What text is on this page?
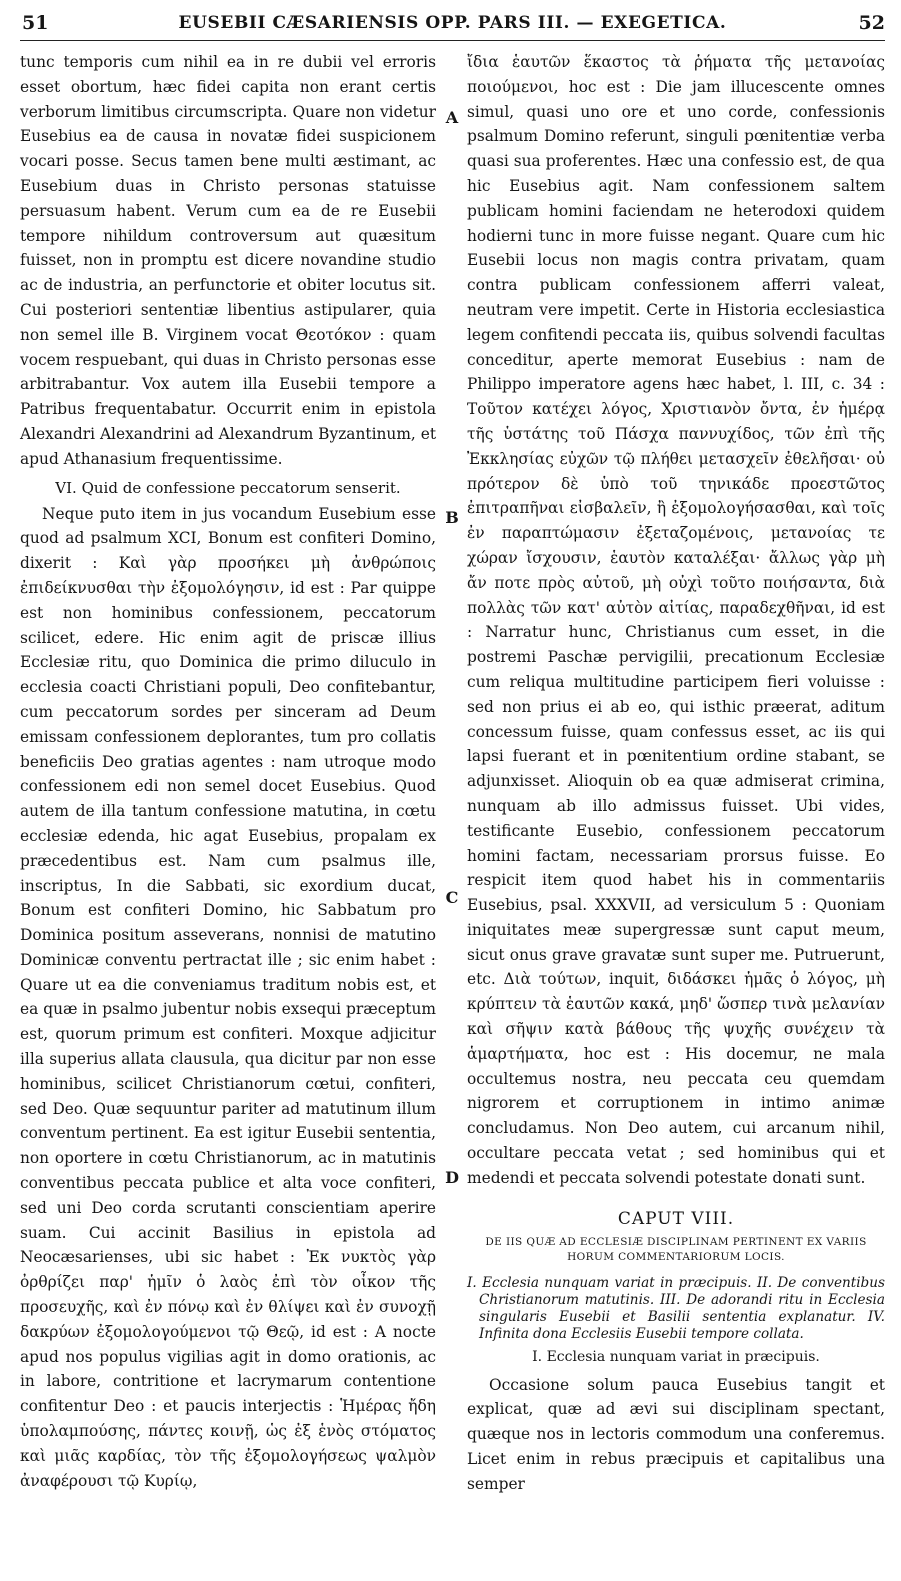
51	EUSEBII CÆSARIENSIS OPP. PARS III. — EXEGETICA.	52

tunc temporis cum nihil ea in re dubii vel erroris esset obortum, hæc fidei capita non erant certis verborum limitibus circumscripta. Quare non videtur Eusebius ea de causa in novatæ fidei suspicionem vocari posse. Secus tamen bene multi æstimant, ac Eusebium duas in Christo personas statuisse persuasum habent. Verum cum ea de re Eusebii tempore nihildum controversum aut quæsitum fuisset, non in promptu est dicere novandine studio ac de industria, an perfunctorie et obiter locutus sit. Cui posteriori sententiæ libentius astipularer, quia non semel ille B. Virginem vocat Θεοτόκον : quam vocem respuebant, qui duas in Christo personas esse arbitrabantur. Vox autem illa Eusebii tempore a Patribus frequentabatur. Occurrit enim in epistola Alexandri Alexandrini ad Alexandrum Byzantinum, et apud Athanasium frequentissime.

VI. Quid de confessione peccatorum senserit.

Neque puto item in jus vocandum Eusebium esse quod ad psalmum XCI, Bonum est confiteri Domino, dixerit : Καὶ γὰρ προσήκει μὴ ἀνθρώποις ἐπιδείκνυσθαι τὴν ἐξομολόγησιν, id est : Par quippe est non hominibus confessionem, peccatorum scilicet, edere. Hic enim agit de priscæ illius Ecclesiæ ritu, quo Dominica die primo diluculo in ecclesia coacti Christiani populi, Deo confitebantur, cum peccatorum sordes per sinceram ad Deum emissam confessionem deplorantes, tum pro collatis beneficiis Deo gratias agentes : nam utroque modo confessionem edi non semel docet Eusebius. Quod autem de illa tantum confessione matutina, in cœtu ecclesiæ edenda, hic agat Eusebius, propalam ex præcedentibus est. Nam cum psalmus ille, inscriptus, In die Sabbati, sic exordium ducat, Bonum est confiteri Domino, hic Sabbatum pro Dominica positum asseverans, nonnisi de matutino Dominicæ conventu pertractat ille ; sic enim habet : Quare ut ea die conveniamus traditum nobis est, et ea quæ in psalmo jubentur nobis exsequi præceptum est, quorum primum est confiteri. Moxque adjicitur illa superius allata clausula, qua dicitur par non esse hominibus, scilicet Christianorum cœtui, confiteri, sed Deo. Quæ sequuntur pariter ad matutinum illum conventum pertinent. Ea est igitur Eusebii sententia, non oportere in cœtu Christianorum, ac in matutinis conventibus peccata publice et alta voce confiteri, sed uni Deo corda scrutanti conscientiam aperire suam. Cui accinit Basilius in epistola ad Neocæsarienses, ubi sic habet : Ἐκ νυκτὸς γὰρ ὀρθρίζει παρ' ἡμῖν ὁ λαὸς ἐπὶ τὸν οἶκον τῆς προσευχῆς, καὶ ἐν πόνῳ καὶ ἐν θλίψει καὶ ἐν συνοχῇ δακρύων ἐξομολογούμενοι τῷ Θεῷ, id est : A nocte apud nos populus vigilias agit in domo orationis, ac in labore, contritione et lacrymarum contentione confitentur Deo : et paucis interjectis : Ἡμέρας ἤδη ὑπολαμπούσης, πάντες κοινῇ, ὡς ἐξ ἑνὸς στόματος καὶ μιᾶς καρδίας, τὸν τῆς ἐξομολογήσεως ψαλμὸν ἀναφέρουσι τῷ Κυρίῳ,

A
B
C
D

ἴδια ἑαυτῶν ἕκαστος τὰ ῥήματα τῆς μετανοίας ποιούμενοι, hoc est : Die jam illucescente omnes simul, quasi uno ore et uno corde, confessionis psalmum Domino referunt, singuli pœnitentiæ verba quasi sua proferentes. Hæc una confessio est, de qua hic Eusebius agit. Nam confessionem saltem publicam homini faciendam ne heterodoxi quidem hodierni tunc in more fuisse negant. Quare cum hic Eusebii locus non magis contra privatam, quam contra publicam confessionem afferri valeat, neutram vere impetit. Certe in Historia ecclesiastica legem confitendi peccata iis, quibus solvendi facultas conceditur, aperte memorat Eusebius : nam de Philippo imperatore agens hæc habet, l. III, c. 34 : Τοῦτον κατέχει λόγος, Χριστιανὸν ὄντα, ἐν ἡμέρᾳ τῆς ὑστάτης τοῦ Πάσχα παννυχίδος, τῶν ἐπὶ τῆς Ἐκκλησίας εὐχῶν τῷ πλήθει μετασχεῖν ἐθελῆσαι· οὐ πρότερον δὲ ὑπὸ τοῦ τηνικάδε προεστῶτος ἐπιτραπῆναι εἰσβαλεῖν, ἢ ἐξομολογήσασθαι, καὶ τοῖς ἐν παραπτώμασιν ἐξεταζομένοις, μετανοίας τε χώραν ἴσχουσιν, ἑαυτὸν καταλέξαι· ἄλλως γὰρ μὴ ἄν ποτε πρὸς αὐτοῦ, μὴ οὐχὶ τοῦτο ποιήσαντα, διὰ πολλὰς τῶν κατ' αὐτὸν αἰτίας, παραδεχθῆναι, id est : Narratur hunc, Christianus cum esset, in die postremi Paschæ pervigilii, precationum Ecclesiæ cum reliqua multitudine participem fieri voluisse : sed non prius ei ab eo, qui isthic præerat, aditum concessum fuisse, quam confessus esset, ac iis qui lapsi fuerant et in pœnitentium ordine stabant, se adjunxisset. Alioquin ob ea quæ admiserat crimina, nunquam ab illo admissus fuisset. Ubi vides, testificante Eusebio, confessionem peccatorum homini factam, necessariam prorsus fuisse. Eo respicit item quod habet his in commentariis Eusebius, psal. XXXVII, ad versiculum 5 : Quoniam iniquitates meæ supergressæ sunt caput meum, sicut onus grave gravatæ sunt super me. Putruerunt, etc. Διὰ τούτων, inquit, διδάσκει ἡμᾶς ὁ λόγος, μὴ κρύπτειν τὰ ἑαυτῶν κακά, μηδ' ὥσπερ τινὰ μελανίαν καὶ σῆψιν κατὰ βάθους τῆς ψυχῆς συνέχειν τὰ ἁμαρτήματα, hoc est : His docemur, ne mala occultemus nostra, neu peccata ceu quemdam nigrorem et corruptionem in intimo animæ concludamus. Non Deo autem, cui arcanum nihil, occultare peccata vetat ; sed hominibus qui et medendi et peccata solvendi potestate donati sunt.

CAPUT VIII.
DE IIS QUÆ AD ECCLESIÆ DISCIPLINAM PERTINENT EX VARIIS HORUM COMMENTARIORUM LOCIS.
I. Ecclesia nunquam variat in præcipuis. II. De conventibus Christianorum matutinis. III. De adorandi ritu in Ecclesia singularis Eusebii et Basilii sententia explanatur. IV. Infinita dona Ecclesiis Eusebii tempore collata.
I. Ecclesia nunquam variat in præcipuis.

Occasione solum pauca Eusebius tangit et explicat, quæ ad ævi sui disciplinam spectant, quæque nos in lectoris commodum una conferemus. Licet enim in rebus præcipuis et capitalibus una semper
